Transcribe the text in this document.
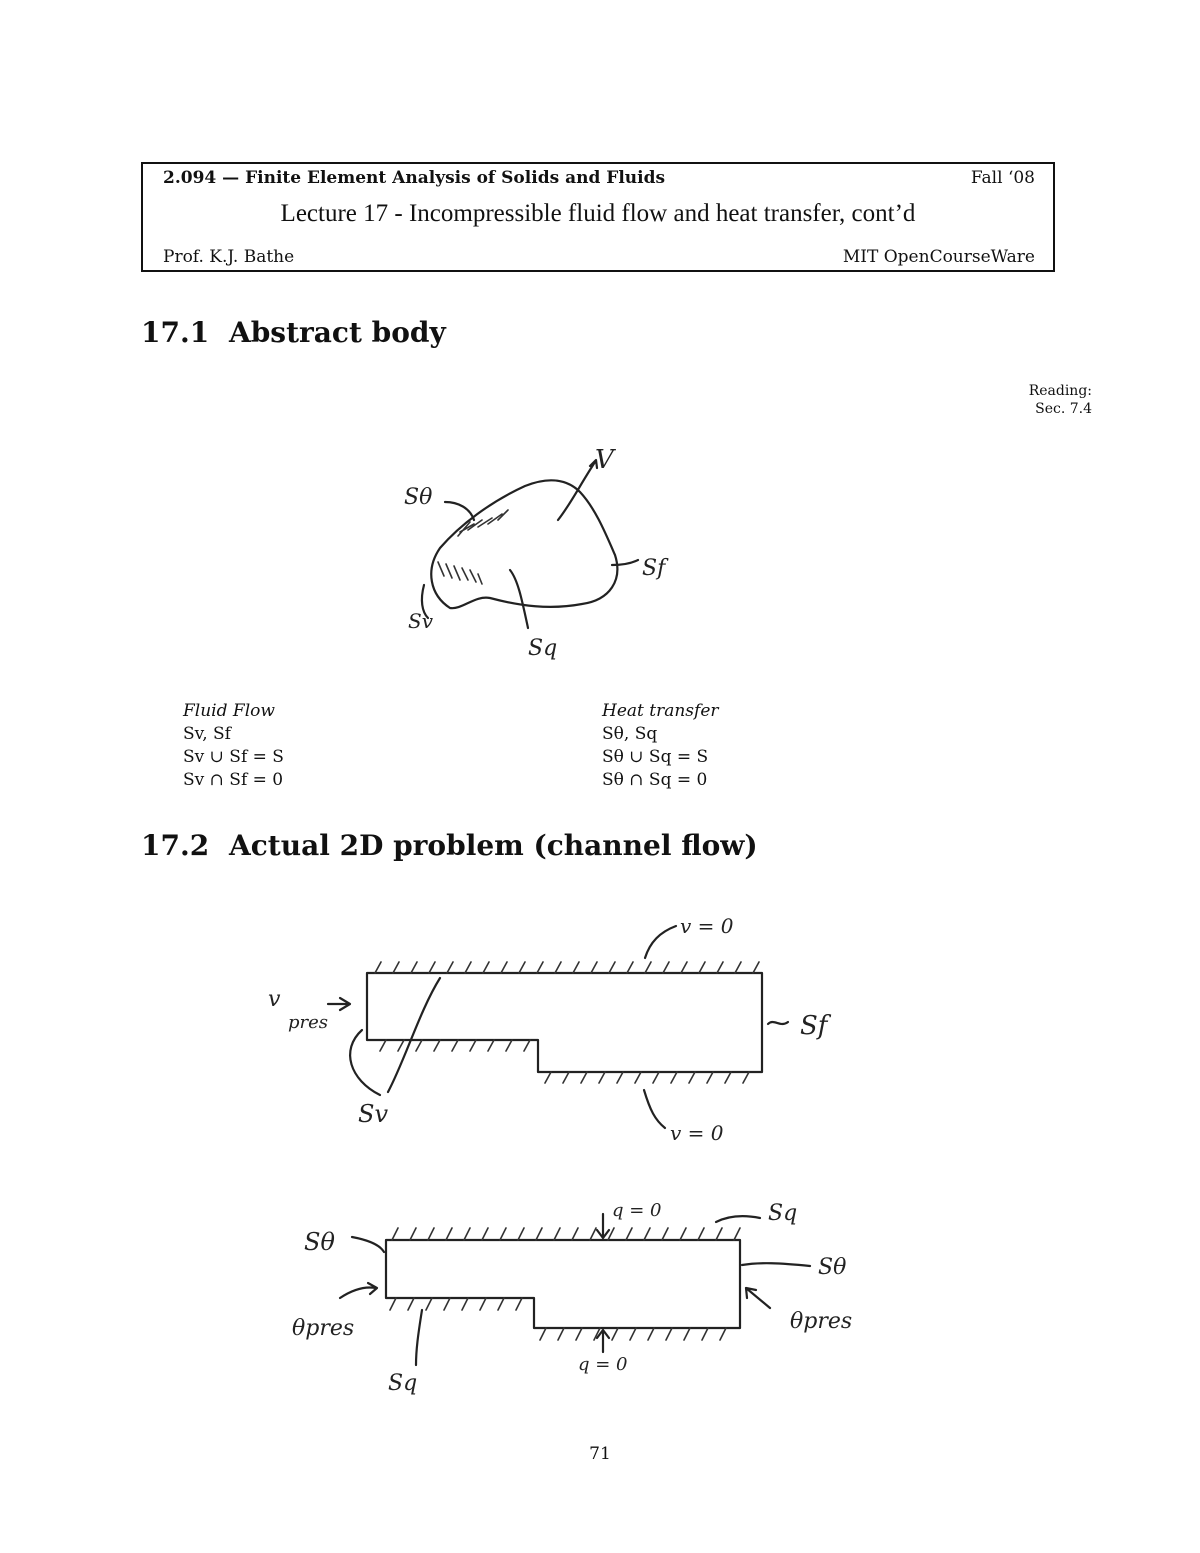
2.094 — Finite Element Analysis of Solids and Fluids	Fall ‘08
Lecture 17 - Incompressible fluid flow and heat transfer, cont’d
Prof. K.J. Bathe	MIT OpenCourseWare
17.1 Abstract body
Reading:
Sec. 7.4
Sθ
V
Sf
Sv
Sq
Fluid Flow
Sv, Sf
Sv ∪ Sf = S
Sv ∩ Sf = 0
Heat transfer
Sθ, Sq
Sθ ∪ Sq = S
Sθ ∩ Sq = 0
17.2 Actual 2D problem (channel flow)
v = 0
v
pres	Sf
Sv
v = 0
q = 0	Sq
Sθ
Sθ
θpres	θpres
Sq
q = 0
71
